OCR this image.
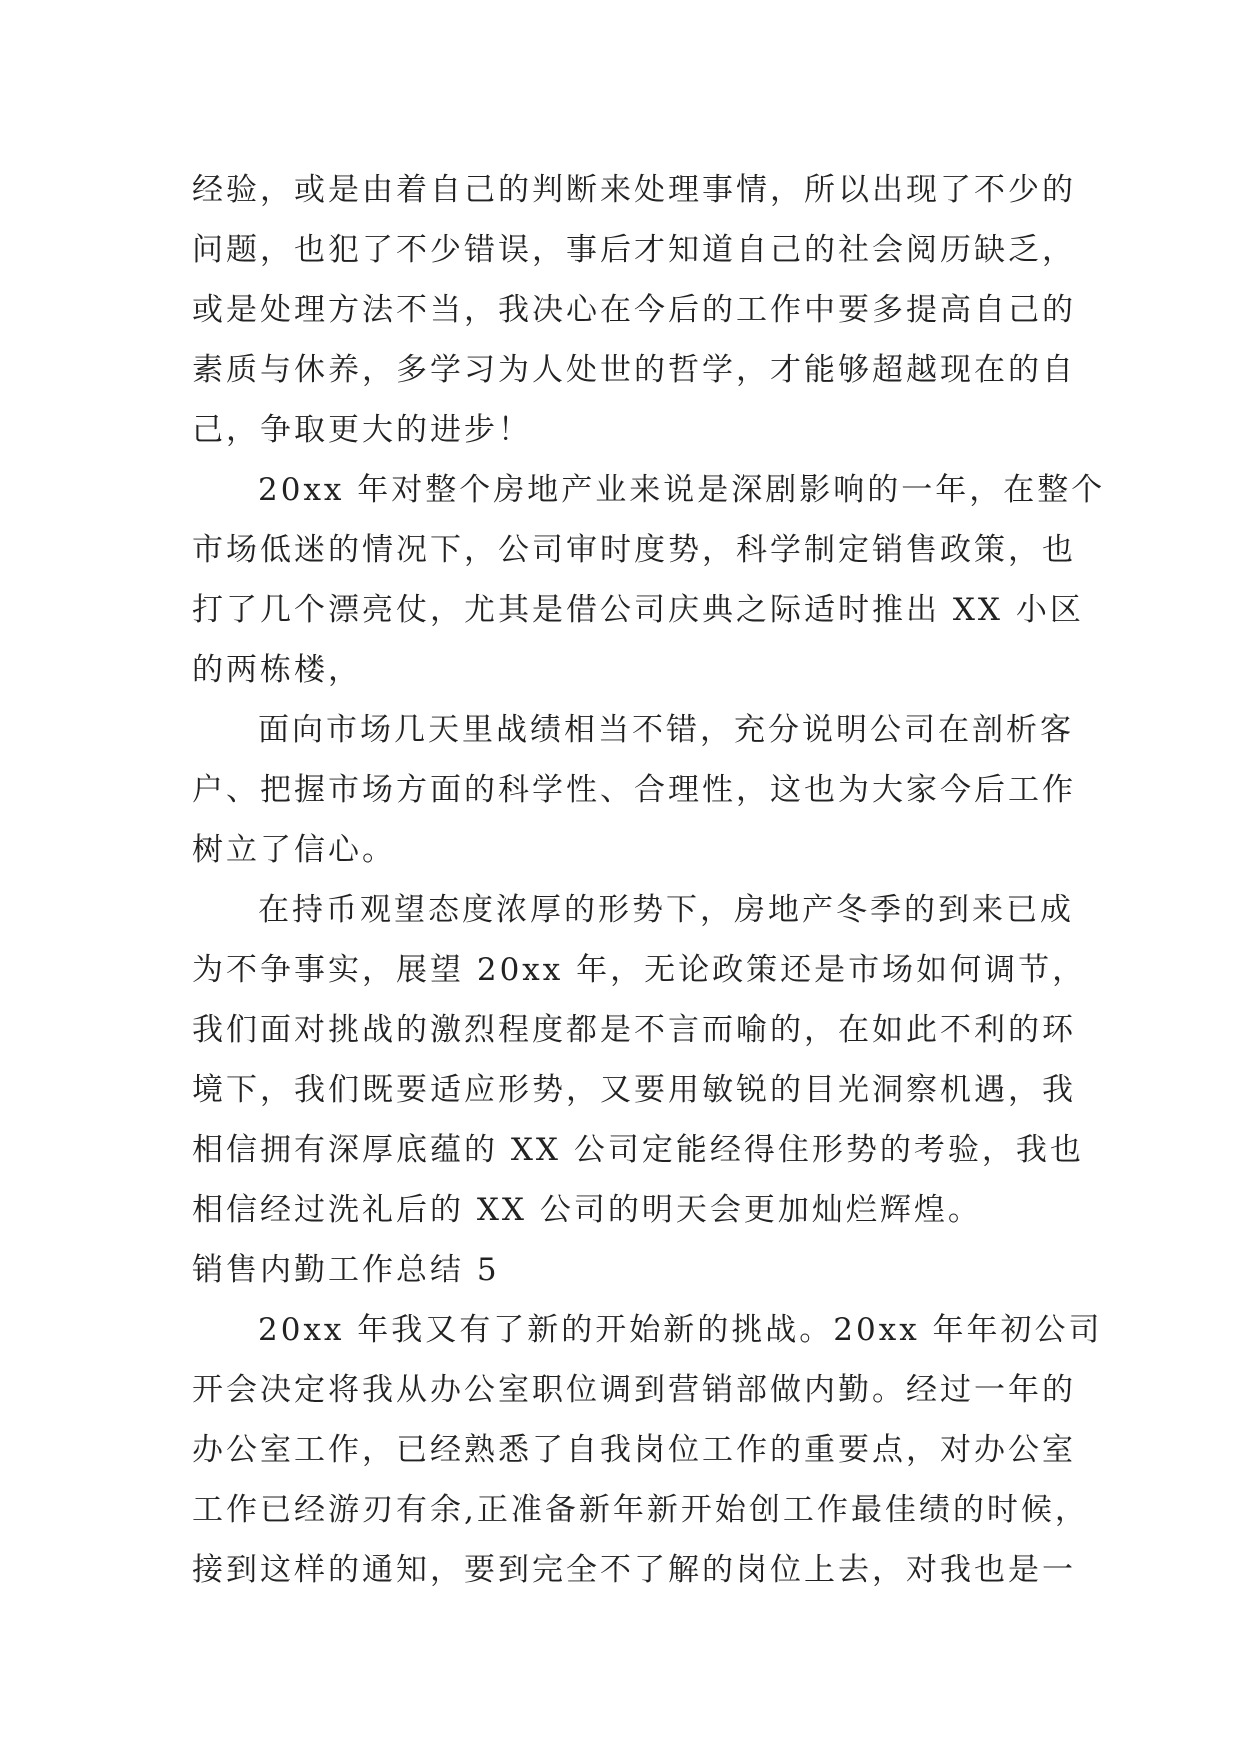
经验，或是由着自己的判断来处理事情，所以出现了不少的
问题，也犯了不少错误，事后才知道自己的社会阅历缺乏，
或是处理方法不当，我决心在今后的工作中要多提高自己的
素质与休养，多学习为人处世的哲学，才能够超越现在的自
己，争取更大的进步！
20xx 年对整个房地产业来说是深剧影响的一年，在整个
市场低迷的情况下，公司审时度势，科学制定销售政策，也
打了几个漂亮仗，尤其是借公司庆典之际适时推出 XX 小区
的两栋楼，
面向市场几天里战绩相当不错，充分说明公司在剖析客
户、把握市场方面的科学性、合理性，这也为大家今后工作
树立了信心。
在持币观望态度浓厚的形势下，房地产冬季的到来已成
为不争事实，展望 20xx 年，无论政策还是市场如何调节，
我们面对挑战的激烈程度都是不言而喻的，在如此不利的环
境下，我们既要适应形势，又要用敏锐的目光洞察机遇，我
相信拥有深厚底蕴的 XX 公司定能经得住形势的考验，我也
相信经过洗礼后的 XX 公司的明天会更加灿烂辉煌。
销售内勤工作总结 5
20xx 年我又有了新的开始新的挑战。20xx 年年初公司
开会决定将我从办公室职位调到营销部做内勤。经过一年的
办公室工作，已经熟悉了自我岗位工作的重要点，对办公室
工作已经游刃有余,正准备新年新开始创工作最佳绩的时候，
接到这样的通知，要到完全不了解的岗位上去，对我也是一
